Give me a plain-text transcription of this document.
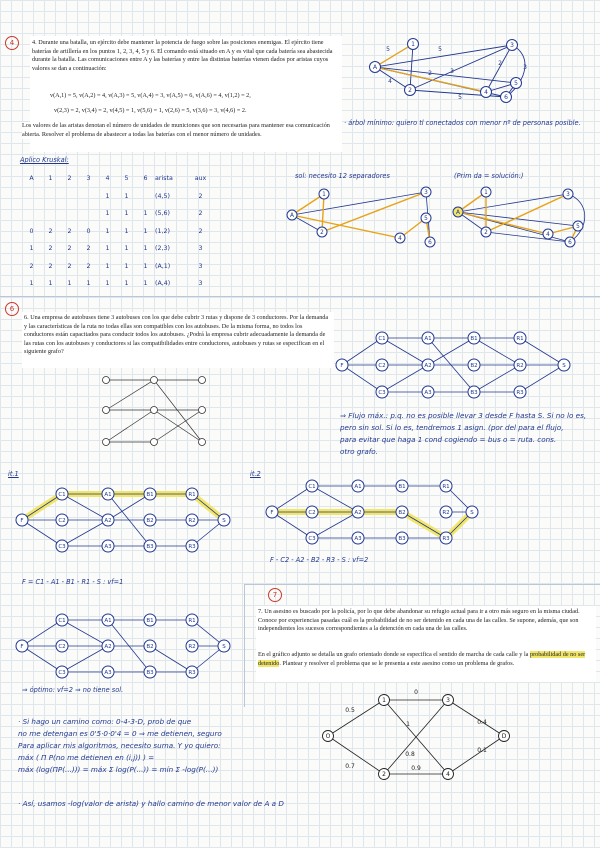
4	4. Durante una batalla, un ejército debe mantener la potencia de fuego sobre las posiciones enemigas. El ejército tiene baterías de artillería en los puntos 1, 2, 3, 4, 5 y 6. El comando está situado en A y es vital que cada batería sea abastecida durante la batalla. Las comunicaciones entre A y las baterías y entre las distintas baterías vienen dados por aristas cuyos valores se dan a continuación:
v(A,1) = 5, v(A,2) = 4, v(A,3) = 5, v(A,4) = 3, v(A,5) = 6, v(A,6) = 4, v(1,2) = 2,
v(2,3) = 2, v(3,4) = 2, v(4,5) = 1, v(5,6) = 1, v(2,6) = 5, v(3,6) = 3, v(4,6) = 2.
Los valores de las aristas denotan el número de unidades de municiones que son necesarias para mantener esa comunicación abierta. Resolver el problema de abastecer a todas las baterías con el menor número de unidades.
A
1
2
3
4
5
6
5
4
5
2	3
2
5
3
· árbol mínimo: quiero tl conectados con menor nº de personas posible.
Aplico Kruskal:
A	1	2	3	4	5	6	arista	aux
				1	1		(4,5)	2
				1	1	1	(5,6)	2
0	2	2	0	1	1	1	(1,2)	2
1	2	2	2	1	1	1	(2,3)	3
2	2	2	2	1	1	1	(A,1)	3
1	1	1	1	1	1	1	(A,4)	3
sol: necesito 12 separadores	(Prim da = solución:)
A
1
2
3
4
5
6
A
1
2
3
4
5
6
6
6. Una empresa de autobuses tiene 3 autobuses con los que debe cubrir 3 rutas y dispone de 3 conductores. Por la demanda y las características de la ruta no todas ellas son compatibles con los autobuses. De la misma forma, no todos los conductores están capacitados para conducir todos los autobuses. ¿Podrá la empresa cubrir adecuadamente la demanda de las rutas con los autobuses y conductores si las compatibilidades entre conductores, autobuses y rutas se especifican en el siguiente grafo?
F
C1
C2
C3
A1
A2
A3
B1
B2
B3
R1
R2
R3
S
⇒ Flujo máx.: p.q. no es posible llevar 3 desde F hasta S. Si no lo es,
pero sin sol. Si lo es, tendremos 1 asign. (por del para el flujo,
para evitar que haga 1 cond cogiendo = bus o = ruta. cons.
otro grafo.
it.1	it.2
F
C1
C2
C3
A1
A2
A3
B1
B2
B3
R1
R2
R3
S
F
C1
C2
C3
A1
A2
A3
B1
B2
B3
R1
R2
R3
S
F - C2 - A2 - B2 - R3 - S : vf=2
F = C1 - A1 - B1 - R1 - S : vf=1
F
C1
C2
C3
A1
A2
A3
B1
B2
B3
R1
R2
R3
S
⇒ óptimo: vf=2 ⇒ no tiene sol.
7
7. Un asesino es buscado por la policía, por lo que debe abandonar su refugio actual para ir a otro más seguro en la misma ciudad. Conoce por experiencias pasadas cuál es la probabilidad de no ser detenido en cada una de las calles. Se supone, además, que son independientes los sucesos correspondientes a la detención en cada una de las calles.
En el gráfico adjunto se detalla un grafo orientado donde se especifica el sentido de marcha de cada calle y la probabilidad de no ser detenido. Plantear y resolver el problema que se le presenta a este asesino como un problema de grafos.
O
1
2
3
4
D
0
0.5
0.4
1
0.7
0.8
0.9
0.1
· Si hago un camino como: 0-4-3-D, prob de que
no me detengan es 0'5·0·0'4 = 0 ⇒ me detienen, seguro
Para aplicar mis algoritmos, necesito suma. Y yo quiero:
máx ( Π P(no me detienen en (i,j)) ) =
máx (log(ΠP(...))) = máx Σ log(P(...)) = mín Σ -log(P(...))
· Así, usamos -log(valor de arista) y hallo camino de menor valor de A a D
